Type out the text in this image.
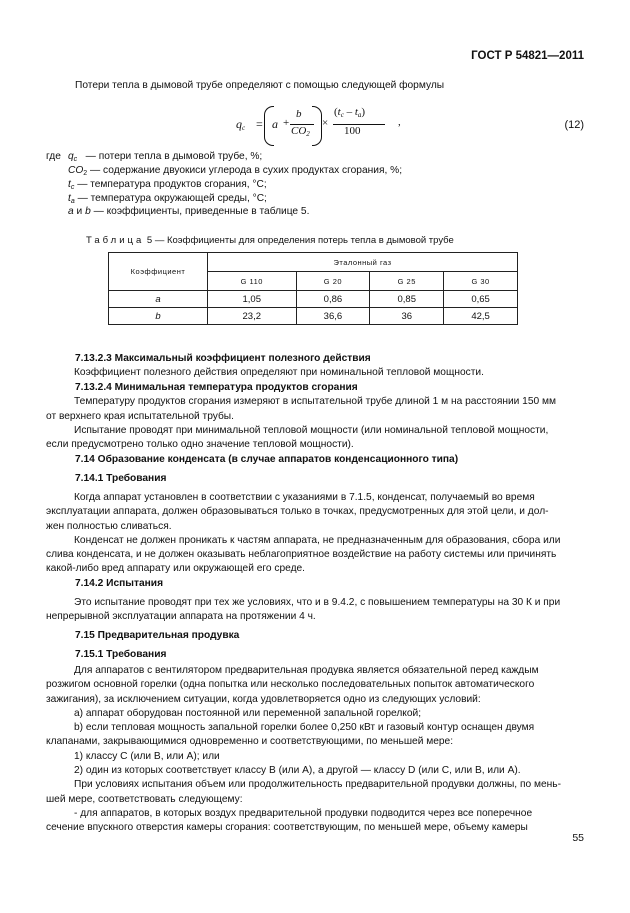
ГОСТ Р 54821—2011
Потери тепла в дымовой трубе определяют с помощью следующей формулы
$q_c = a$ +
b
$CO_2$
×
$(t_c - t_a)$
100
,	(12)
где $q_c$ — потери тепла в дымовой трубе, %;
$CO_2$ — содержание двуокиси углерода в сухих продуктах сгорания, %;
$t_c$ — температура продуктов сгорания, °С;
$t_a$ — температура окружающей среды, °С;
a и b — коэффициенты, приведенные в таблице 5.
Таблица 5 — Коэффициенты для определения потерь тепла в дымовой трубе
Коэффициент	Эталонный газ			
	G 110	G 20	G 25	G 30
a	1,05	0,86	0,85	0,65
b	23,2	36,6	36	42,5
7.13.2.3 Максимальный коэффициент полезного действия
Коэффициент полезного действия определяют при номинальной тепловой мощности.
7.13.2.4 Минимальная температура продуктов сгорания
Температуру продуктов сгорания измеряют в испытательной трубе длиной 1 м на расстоянии 150 мм
от верхнего края испытательной трубы.
Испытание проводят при минимальной тепловой мощности (или номинальной тепловой мощности,
если предусмотрено только одно значение тепловой мощности).
7.14 Образование конденсата (в случае аппаратов конденсационного типа)
7.14.1 Требования
Когда аппарат установлен в соответствии с указаниями в 7.1.5, конденсат, получаемый во время
эксплуатации аппарата, должен образовываться только в точках, предусмотренных для этой цели, и дол-
жен полностью сливаться.
Конденсат не должен проникать к частям аппарата, не предназначенным для образования, сбора или
слива конденсата, и не должен оказывать неблагоприятное воздействие на работу системы или причинять
какой-либо вред аппарату или окружающей его среде.
7.14.2 Испытания
Это испытание проводят при тех же условиях, что и в 9.4.2, с повышением температуры на 30 К и при
непрерывной эксплуатации аппарата на протяжении 4 ч.
7.15 Предварительная продувка
7.15.1 Требования
Для аппаратов с вентилятором предварительная продувка является обязательной перед каждым
розжигом основной горелки (одна попытка или несколько последовательных попыток автоматического
зажигания), за исключением ситуации, когда удовлетворяется одно из следующих условий:
а) аппарат оборудован постоянной или переменной запальной горелкой;
b) если тепловая мощность запальной горелки более 0,250 кВт и газовый контур оснащен двумя
клапанами, закрывающимися одновременно и соответствующими, по меньшей мере:
1) классу С (или В, или А); или
2) один из которых соответствует классу В (или А), а другой — классу D (или С, или В, или А).
При условиях испытания объем или продолжительность предварительной продувки должны, по мень-
шей мере, соответствовать следующему:
- для аппаратов, в которых воздух предварительной продувки подводится через все поперечное
сечение впускного отверстия камеры сгорания: соответствующим, по меньшей мере, объему камеры
55
